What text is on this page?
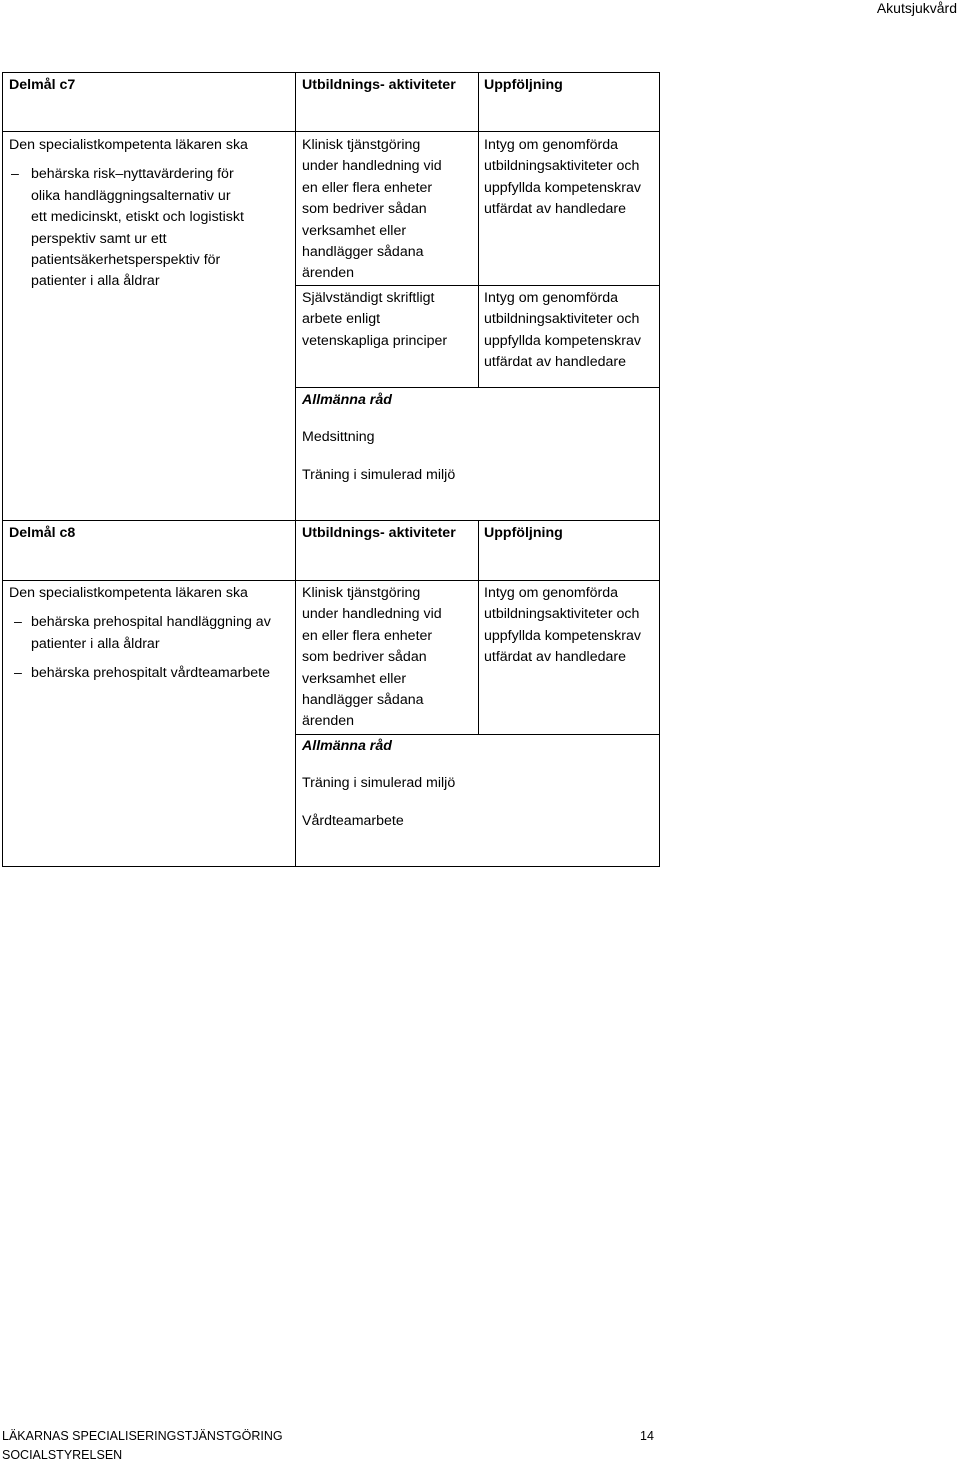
Akutsjukvård
Delmål c7	Utbildnings- aktiviteter Uppföljning

Den specialistkompetenta läkaren ska

– behärska risk–nyttavärdering för

olika handläggningsalternativ ur

ett medicinskt, etiskt och logistiskt

perspektiv samt ur ett

patientsäkerhetsperspektiv för

patienter i alla åldrar

Klinisk tjänstgöring

under handledning vid

en eller flera enheter

som bedriver sådan

verksamhet eller

handlägger sådana

ärenden

Självständigt skriftligt

arbete enligt

vetenskapliga principer

Intyg om genomförda

utbildningsaktiviteter och

uppfyllda kompetenskrav

utfärdat av handledare

Intyg om genomförda

utbildningsaktiviteter och

uppfyllda kompetenskrav

utfärdat av handledare

Allmänna råd

Medsittning

Träning i simulerad miljö

Delmål c8	Utbildnings- aktiviteter Uppföljning

Den specialistkompetenta läkaren ska

– behärska prehospital handläggning av

patienter i alla åldrar

– behärska prehospitalt vårdteamarbete

Klinisk tjänstgöring

under handledning vid

en eller flera enheter

som bedriver sådan

verksamhet eller

handlägger sådana

ärenden

Intyg om genomförda

utbildningsaktiviteter och

uppfyllda kompetenskrav

utfärdat av handledare

Allmänna råd

Träning i simulerad miljö

Vårdteamarbete

LÄKARNAS SPECIALISERINGSTJÄNSTGÖRING
SOCIALSTYRELSEN
14
